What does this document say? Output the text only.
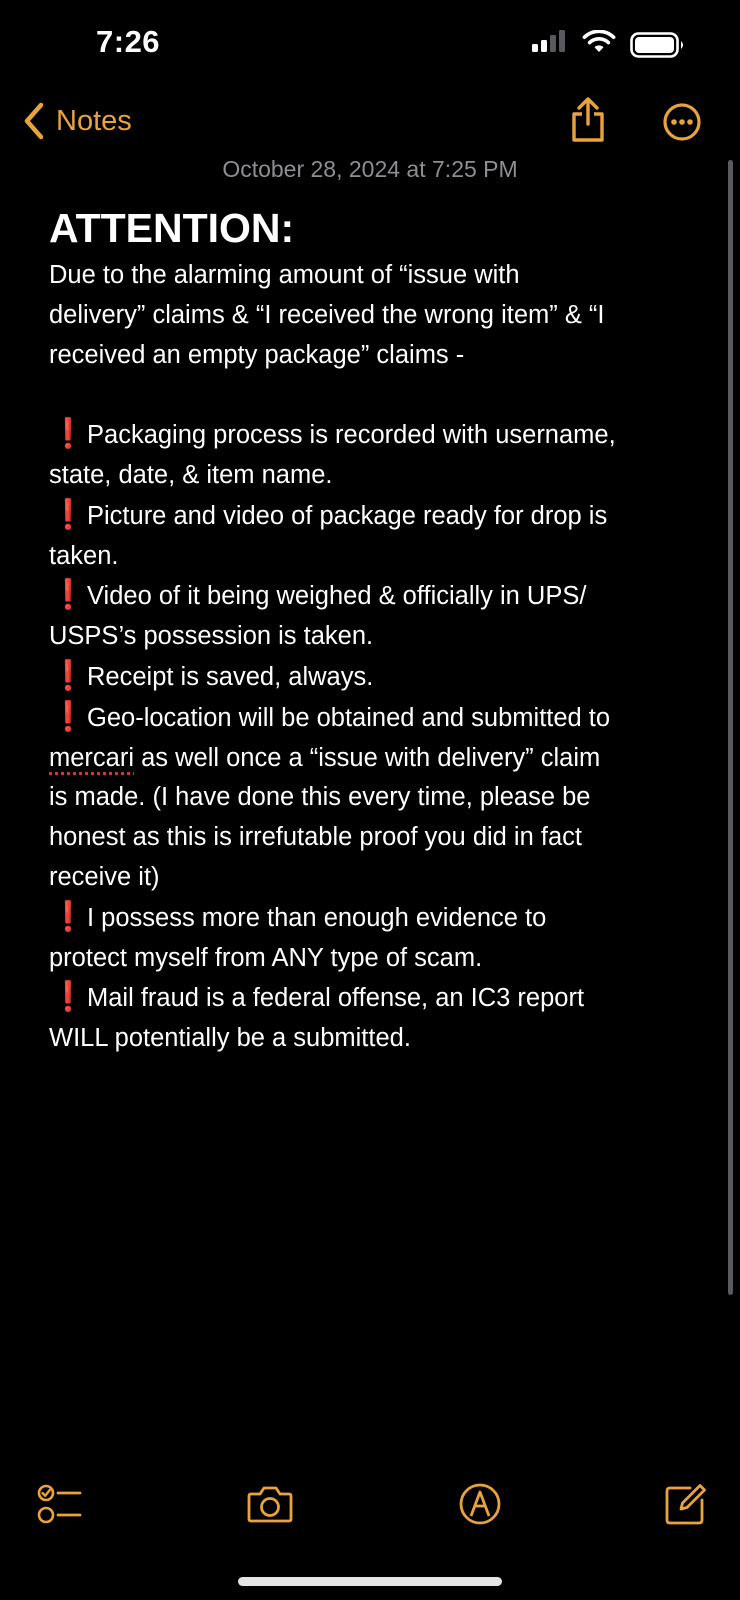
7:26
Notes
October 28, 2024 at 7:25 PM
ATTENTION:

Due to the alarming amount of “issue with

delivery” claims & “I received the wrong item” & “I

received an empty package” claims -

❗Packaging process is recorded with username,

state, date, & item name.

❗Picture and video of package ready for drop is

taken.

❗Video of it being weighed & officially in UPS/

USPS’s possession is taken.

❗Receipt is saved, always.

❗Geo-location will be obtained and submitted to

mercari as well once a “issue with delivery” claim

is made. (I have done this every time, please be

honest as this is irrefutable proof you did in fact

receive it)

❗I possess more than enough evidence to

protect myself from ANY type of scam.

❗Mail fraud is a federal offense, an IC3 report

WILL potentially be a submitted.
